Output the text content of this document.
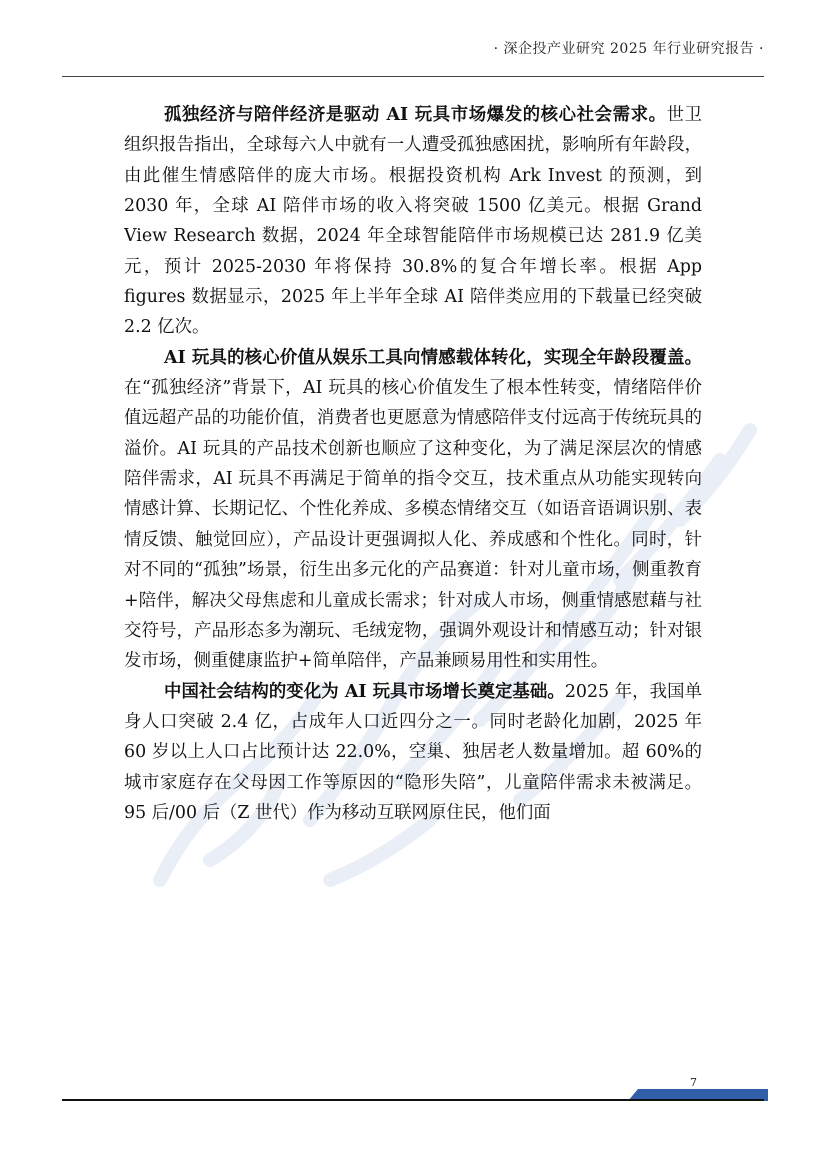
· 深企投产业研究 2025 年行业研究报告 ·

孤独经济与陪伴经济是驱动 AI 玩具市场爆发的核心社会需求。世卫组织报告指出，全球每六人中就有一人遭受孤独感困扰，影响所有年龄段，由此催生情感陪伴的庞大市场。根据投资机构 Ark Invest 的预测，到 2030 年，全球 AI 陪伴市场的收入将突破 1500 亿美元。根据 Grand View Research 数据，2024 年全球智能陪伴市场规模已达 281.9 亿美元，预计 2025-2030 年将保持 30.8%的复合年增长率。根据 App figures 数据显示，2025 年上半年全球 AI 陪伴类应用的下载量已经突破 2.2 亿次。

AI 玩具的核心价值从娱乐工具向情感载体转化，实现全年龄段覆盖。在“孤独经济”背景下，AI 玩具的核心价值发生了根本性转变，情绪陪伴价值远超产品的功能价值，消费者也更愿意为情感陪伴支付远高于传统玩具的溢价。AI 玩具的产品技术创新也顺应了这种变化，为了满足深层次的情感陪伴需求，AI 玩具不再满足于简单的指令交互，技术重点从功能实现转向情感计算、长期记忆、个性化养成、多模态情绪交互（如语音语调识别、表情反馈、触觉回应），产品设计更强调拟人化、养成感和个性化。同时，针对不同的“孤独”场景，衍生出多元化的产品赛道：针对儿童市场，侧重教育+陪伴，解决父母焦虑和儿童成长需求；针对成人市场，侧重情感慰藉与社交符号，产品形态多为潮玩、毛绒宠物，强调外观设计和情感互动；针对银发市场，侧重健康监护+简单陪伴，产品兼顾易用性和实用性。

中国社会结构的变化为 AI 玩具市场增长奠定基础。2025 年，我国单身人口突破 2.4 亿，占成年人口近四分之一。同时老龄化加剧，2025 年 60 岁以上人口占比预计达 22.0%，空巢、独居老人数量增加。超 60%的城市家庭存在父母因工作等原因的“隐形失陪”，儿童陪伴需求未被满足。95 后/00 后（Z 世代）作为移动互联网原住民，他们面

7
